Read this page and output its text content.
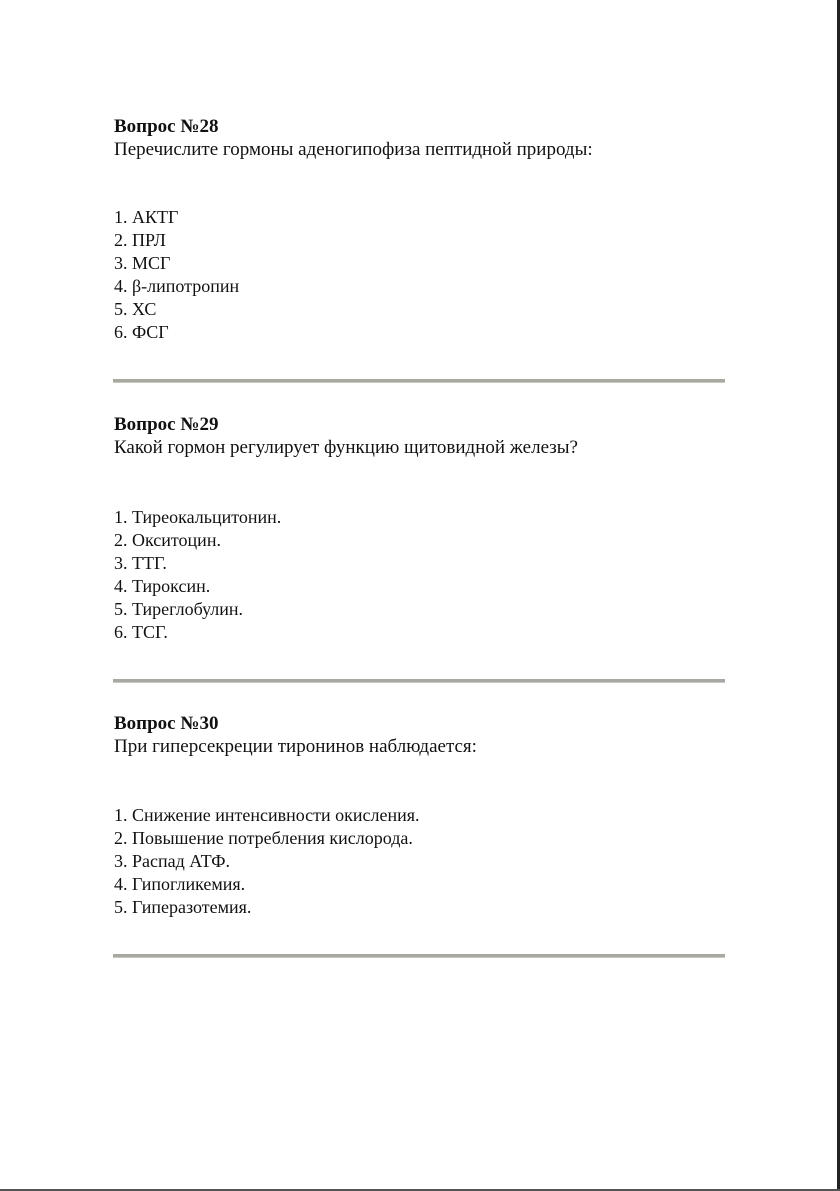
Вопрос №28

Перечислите гормоны аденогипофиза пептидной природы:

1. АКТГ
2. ПРЛ
3. МСГ
4. β-липотропин
5. ХС
6. ФСГ

Вопрос №29

Какой гормон регулирует функцию щитовидной железы?

1. Тиреокальцитонин.
2. Окситоцин.
3. ТТГ.
4. Тироксин.
5. Тиреглобулин.
6. ТСГ.

Вопрос №30

При гиперсекреции тиронинов наблюдается:

1. Снижение интенсивности окисления.
2. Повышение потребления кислорода.
3. Распад АТФ.
4. Гипогликемия.
5. Гиперазотемия.
